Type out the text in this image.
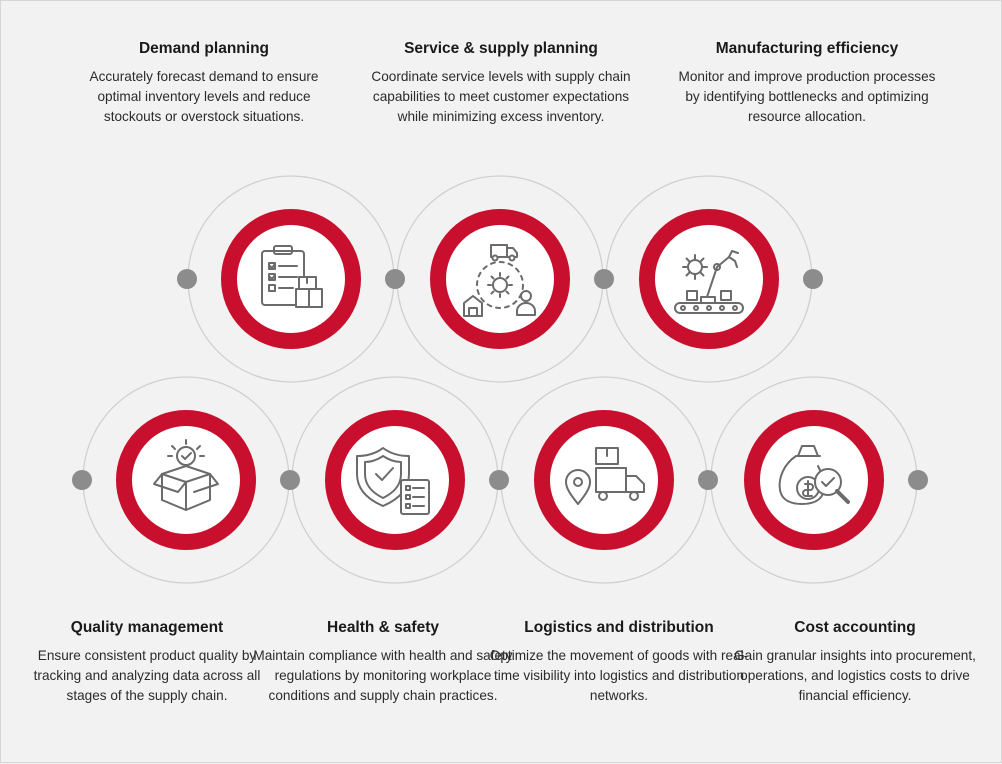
Demand planning

Accurately forecast demand to ensure optimal inventory levels and reduce stockouts or overstock situations.

Service & supply planning

Coordinate service levels with supply chain capabilities to meet customer expectations while minimizing excess inventory.

Manufacturing efficiency

Monitor and improve production processes by identifying bottlenecks and optimizing resource allocation.

Quality management

Ensure consistent product quality by tracking and analyzing data across all stages of the supply chain.

Health & safety

Maintain compliance with health and safety regulations by monitoring workplace conditions and supply chain practices.

Logistics and distribution

Optimize the movement of goods with real-time visibility into logistics and distribution networks.

Cost accounting

Gain granular insights into procurement, operations, and logistics costs to drive financial efficiency.
